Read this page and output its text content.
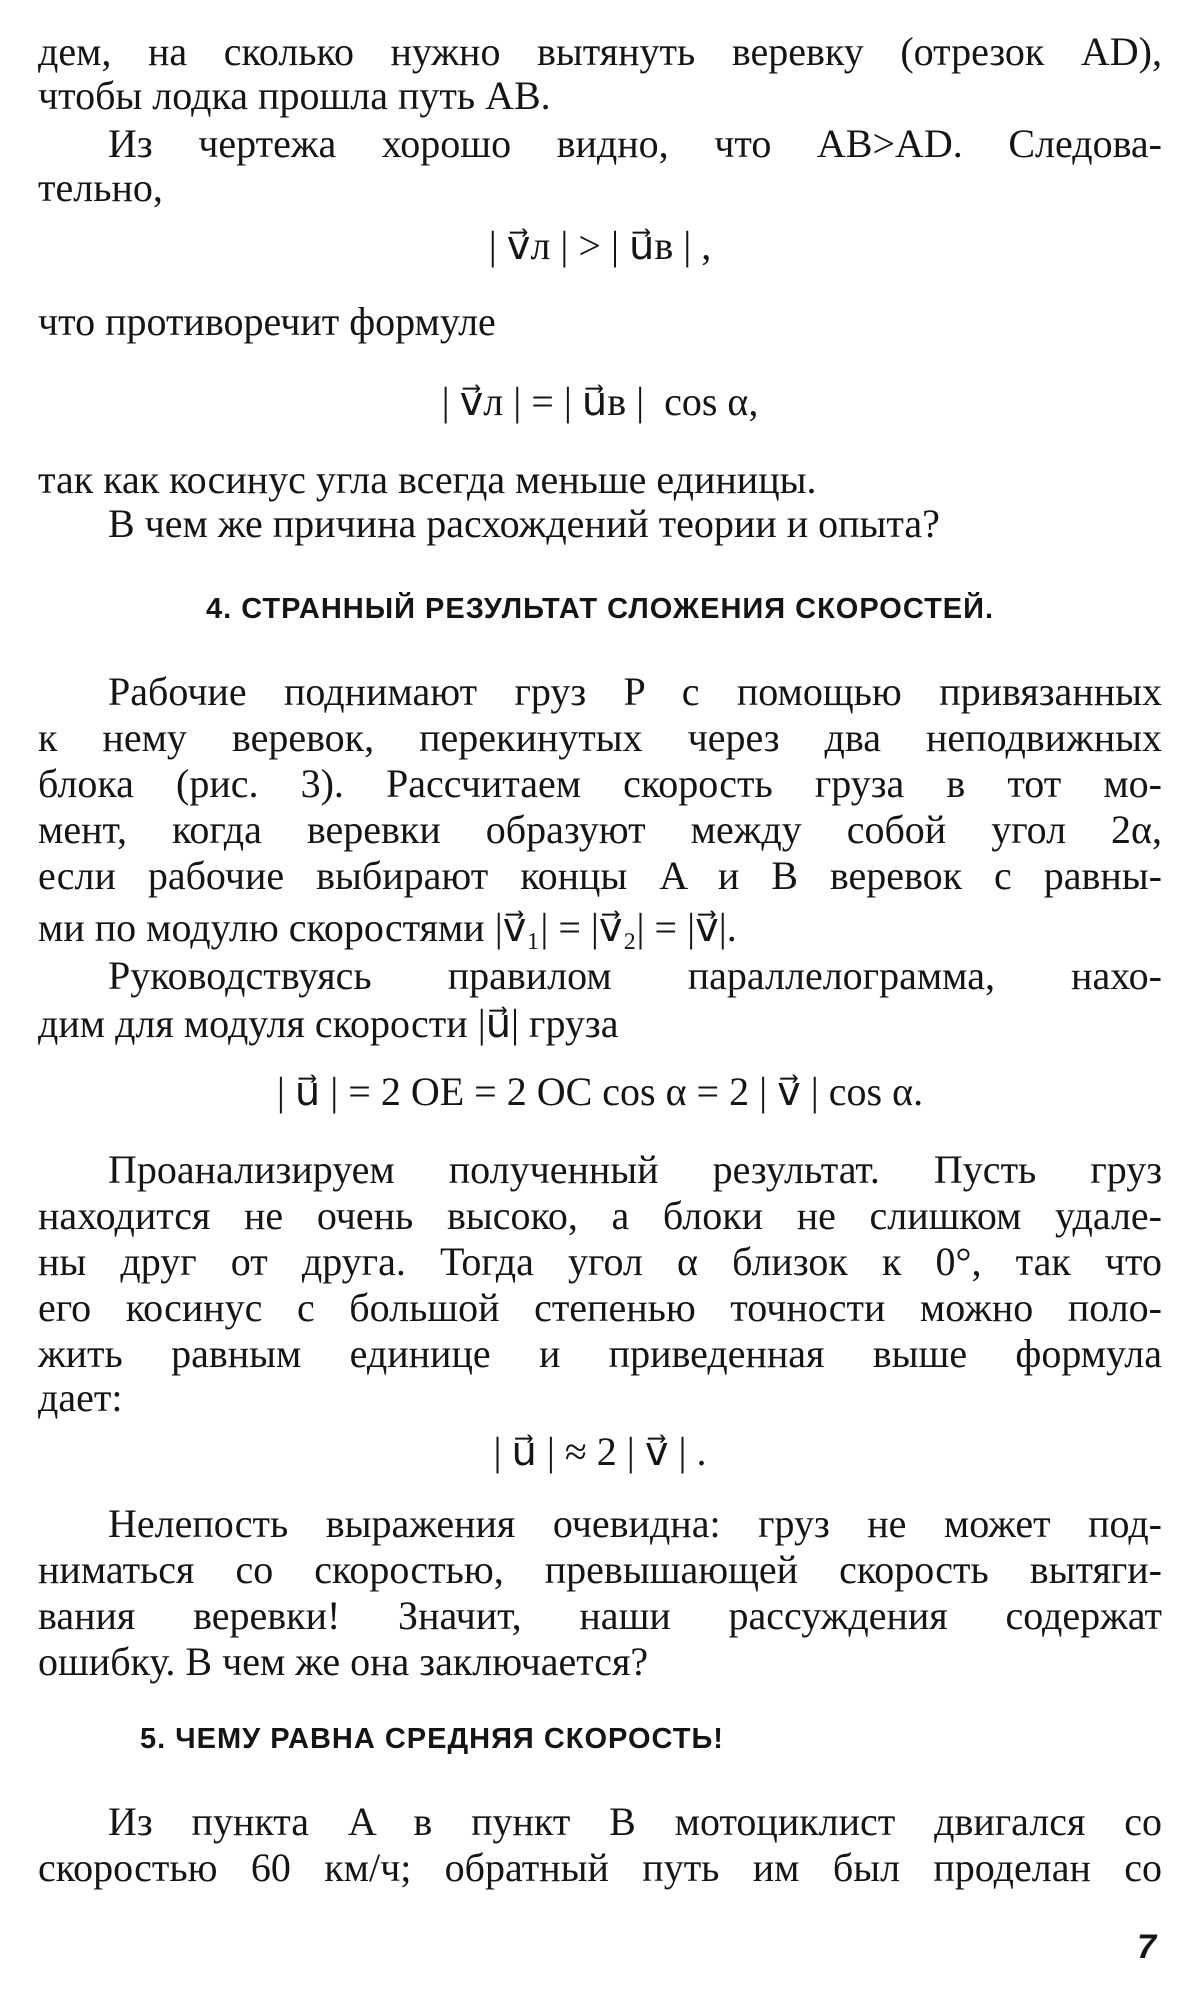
дем, на сколько нужно вытянуть веревку (отрезок AD),
чтобы лодка прошла путь AB.
Из чертежа хорошо видно, что AB>AD. Следова-
тельно,
| v⃗л | > | u⃗в | ,
что противоречит формуле
| v⃗л | = | u⃗в |  cos α,
так как косинус угла всегда меньше единицы.
В чем же причина расхождений теории и опыта?
4. СТРАННЫЙ РЕЗУЛЬТАТ СЛОЖЕНИЯ СКОРОСТЕЙ.
Рабочие поднимают груз P с помощью привязанных
к нему веревок, перекинутых через два неподвижных
блока (рис. 3). Рассчитаем скорость груза в тот мо-
мент, когда веревки образуют между собой угол 2α,
если рабочие выбирают концы A и B веревок с равны-
ми по модулю скоростями |v⃗₁| = |v⃗₂| = |v⃗|.
Руководствуясь правилом параллелограмма, нахо-
дим для модуля скорости |u⃗| груза
| u⃗ | = 2 OE = 2 OC cos α = 2 | v⃗ | cos α.
Проанализируем полученный результат. Пусть груз
находится не очень высоко, а блоки не слишком удале-
ны друг от друга. Тогда угол α близок к 0°, так что
его косинус с большой степенью точности можно поло-
жить равным единице и приведенная выше формула
дает:
| u⃗ | ≈ 2 | v⃗ | .
Нелепость выражения очевидна: груз не может под-
ниматься со скоростью, превышающей скорость вытяги-
вания веревки! Значит, наши рассуждения содержат
ошибку. В чем же она заключается?
5. ЧЕМУ РАВНА СРЕДНЯЯ СКОРОСТЬ!
Из пункта A в пункт B мотоциклист двигался со
скоростью 60 км/ч; обратный путь им был проделан со
7
